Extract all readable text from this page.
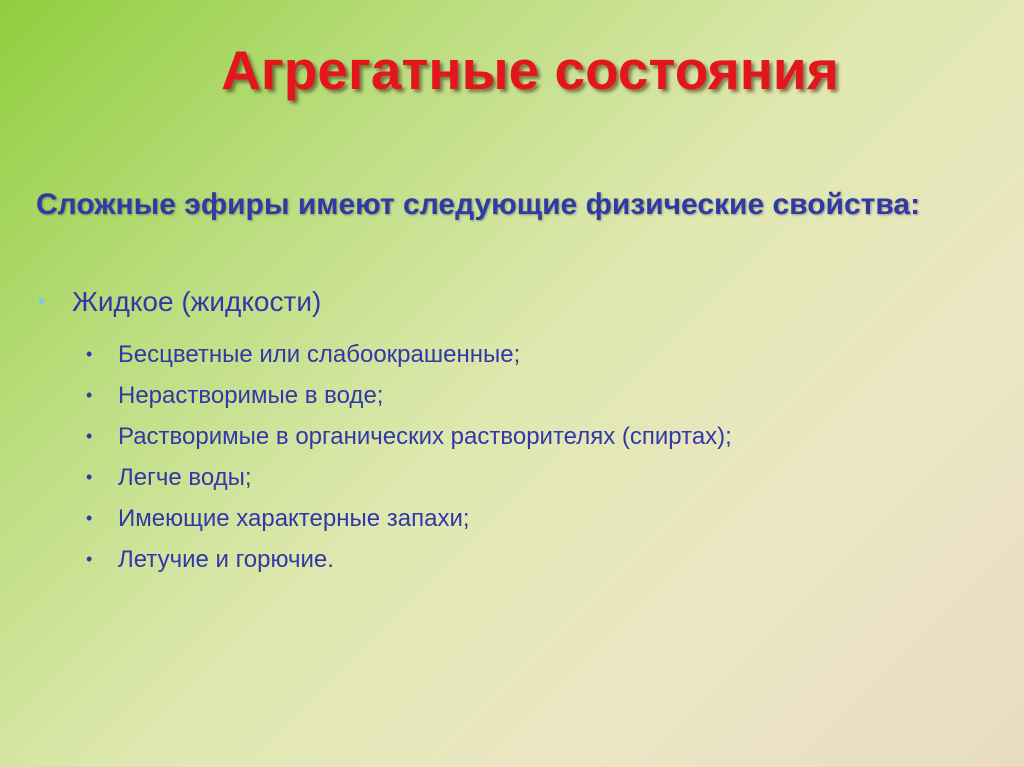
Агрегатные состояния
Сложные эфиры имеют следующие физические свойства:
• Жидкое (жидкости)
•	Бесцветные или слабоокрашенные;
•	Нерастворимые в воде;
•	Растворимые в органических растворителях (спиртах);
•	Легче воды;
•	Имеющие характерные запахи;
•	Летучие и горючие.
